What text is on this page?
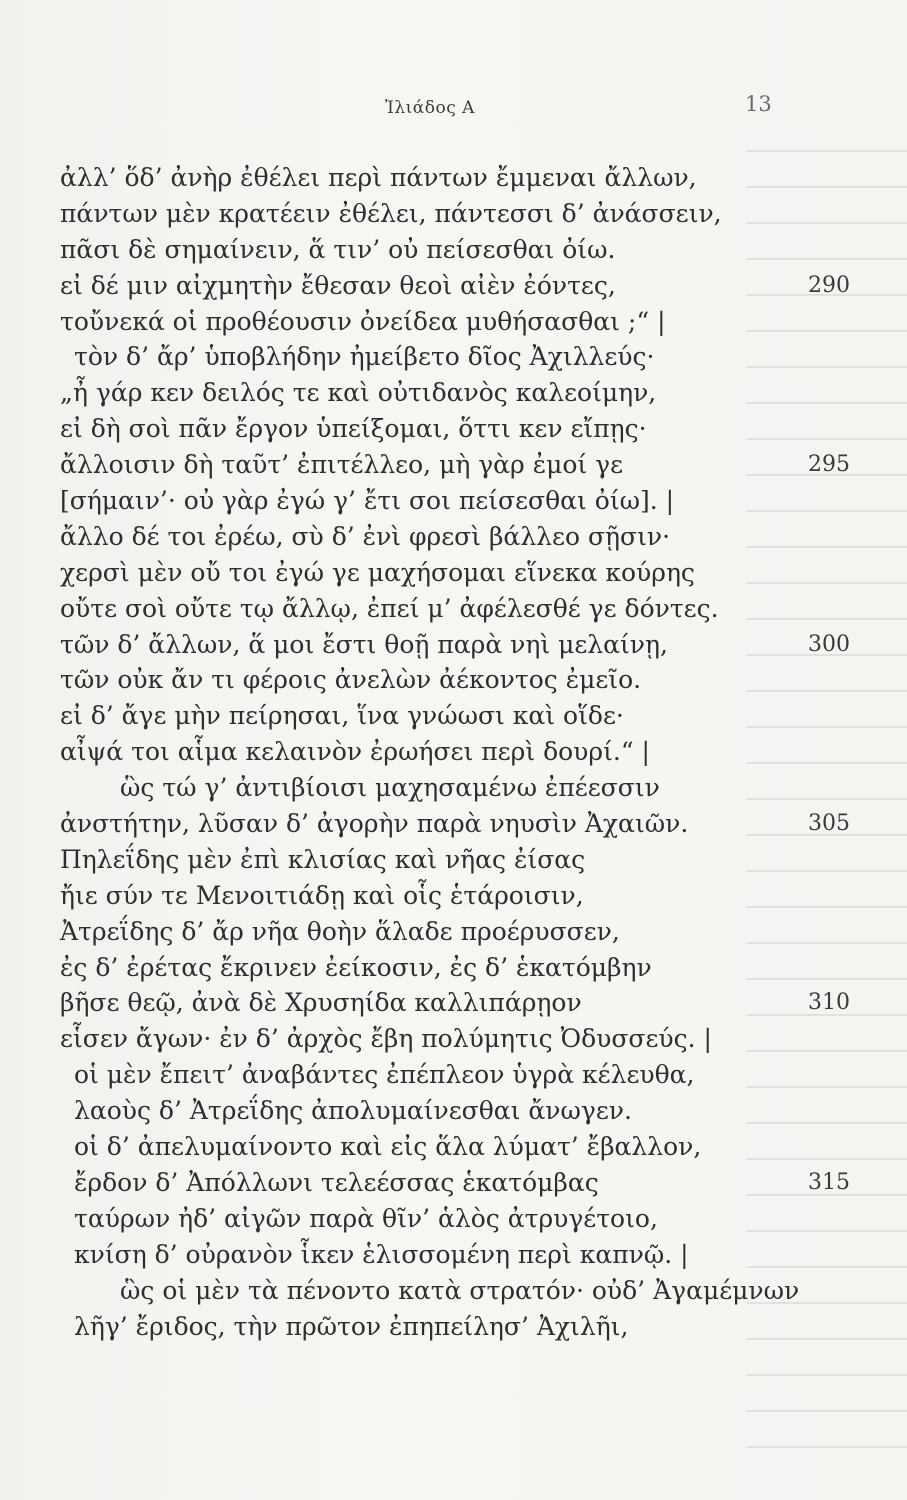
Ἰλιάδος Α	13
ἀλλ’ ὅδ’ ἀνὴρ ἐθέλει περὶ πάντων ἔμμεναι ἄλλων,
πάντων μὲν κρατέειν ἐθέλει, πάντεσσι δ’ ἀνάσσειν,
πᾶσι δὲ σημαίνειν, ἅ τιν’ οὐ πείσεσθαι ὀίω.
εἰ δέ μιν αἰχμητὴν ἔθεσαν θεοὶ αἰὲν ἐόντες,	290
τοὔνεκά οἱ προθέουσιν ὀνείδεα μυθήσασθαι ;“ |
τὸν δ’ ἄρ’ ὑποβλήδην ἠμείβετο δῖος Ἀχιλλεύς·
„ἦ γάρ κεν δειλός τε καὶ οὐτιδανὸς καλεοίμην,
εἰ δὴ σοὶ πᾶν ἔργον ὑπείξομαι, ὅττι κεν εἴπῃς·
ἄλλοισιν δὴ ταῦτ’ ἐπιτέλλεο, μὴ γὰρ ἐμοί γε	295
[σήμαιν’· οὐ γὰρ ἐγώ γ’ ἔτι σοι πείσεσθαι ὀίω]. |
ἄλλο δέ τοι ἐρέω, σὺ δ’ ἐνὶ φρεσὶ βάλλεο σῇσιν·
χερσὶ μὲν οὔ τοι ἐγώ γε μαχήσομαι εἵνεκα κούρης
οὔτε σοὶ οὔτε τῳ ἄλλῳ, ἐπεί μ’ ἀφέλεσθέ γε δόντες.
τῶν δ’ ἄλλων, ἅ μοι ἔστι θοῇ παρὰ νηὶ μελαίνῃ,	300
τῶν οὐκ ἄν τι φέροις ἀνελὼν ἀέκοντος ἐμεῖο.
εἰ δ’ ἄγε μὴν πείρησαι, ἵνα γνώωσι καὶ οἵδε·
αἶψά τοι αἷμα κελαινὸν ἐρωήσει περὶ δουρί.“ |
ὣς τώ γ’ ἀντιβίοισι μαχησαμένω ἐπέεσσιν
ἀνστήτην, λῦσαν δ’ ἀγορὴν παρὰ νηυσὶν Ἀχαιῶν.	305
Πηλεΐδης μὲν ἐπὶ κλισίας καὶ νῆας ἐίσας
ἤιε σύν τε Μενοιτιάδῃ καὶ οἷς ἑτάροισιν,
Ἀτρεΐδης δ’ ἄρ νῆα θοὴν ἅλαδε προέρυσσεν,
ἐς δ’ ἐρέτας ἔκρινεν ἐείκοσιν, ἐς δ’ ἑκατόμβην
βῆσε θεῷ, ἀνὰ δὲ Χρυσηίδα καλλιπάρῃον	310
εἷσεν ἄγων· ἐν δ’ ἀρχὸς ἔβη πολύμητις Ὀδυσσεύς. |
οἱ μὲν ἔπειτ’ ἀναβάντες ἐπέπλεον ὑγρὰ κέλευθα,
λαοὺς δ’ Ἀτρεΐδης ἀπολυμαίνεσθαι ἄνωγεν.
οἱ δ’ ἀπελυμαίνοντο καὶ εἰς ἅλα λύματ’ ἔβαλλον,
ἔρδον δ’ Ἀπόλλωνι τελεέσσας ἑκατόμβας	315
ταύρων ἠδ’ αἰγῶν παρὰ θῖν’ ἁλὸς ἀτρυγέτοιο,
κνίση δ’ οὐρανὸν ἷκεν ἑλισσομένη περὶ καπνῷ. |
ὣς οἱ μὲν τὰ πένοντο κατὰ στρατόν· οὐδ’ Ἀγαμέμνων
λῆγ’ ἔριδος, τὴν πρῶτον ἐπηπείλησ’ Ἀχιλῆι,
